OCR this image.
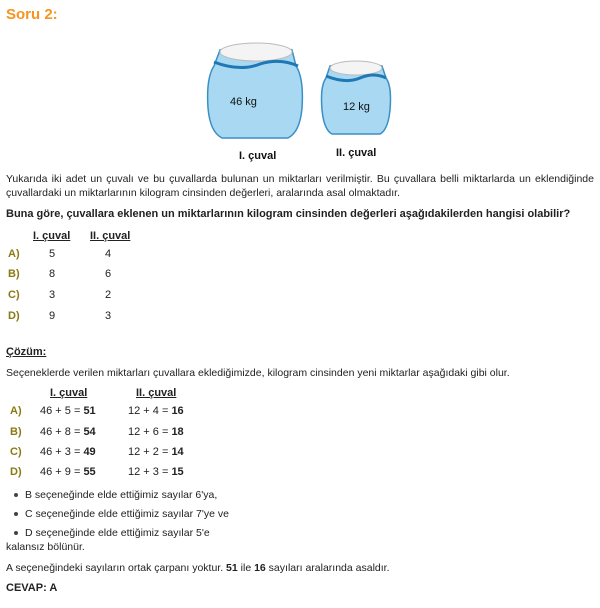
Soru 2:
46 kg
I. çuval
12 kg
II. çuval
Yukarıda iki adet un çuvalı ve bu çuvallarda bulunan un miktarları verilmiştir. Bu çuvallara belli miktarlarda un eklendiğinde çuvallardaki un miktarlarının kilogram cinsinden değerleri, aralarında asal olmaktadır.
Buna göre, çuvallara eklenen un miktarlarının kilogram cinsinden değerleri aşağıdakilerden hangisi olabilir?
I. çuval II. çuval
A)	5	4
B)	8	6
C)	3	2
D)	9	3
Çözüm:
Seçeneklerde verilen miktarları çuvallara eklediğimizde, kilogram cinsinden yeni miktarlar aşağıdaki gibi olur.
I. çuval	II. çuval
A) 46 + 5 = 51	12 + 4 = 16
B) 46 + 8 = 54	12 + 6 = 18
C) 46 + 3 = 49	12 + 2 = 14
D) 46 + 9 = 55	12 + 3 = 15
B seçeneğinde elde ettiğimiz sayılar 6'ya,
C seçeneğinde elde ettiğimiz sayılar 7'ye ve
D seçeneğinde elde ettiğimiz sayılar 5'e
kalansız bölünür.
A seçeneğindeki sayıların ortak çarpanı yoktur. 51 ile 16 sayıları aralarında asaldır.
CEVAP: A
